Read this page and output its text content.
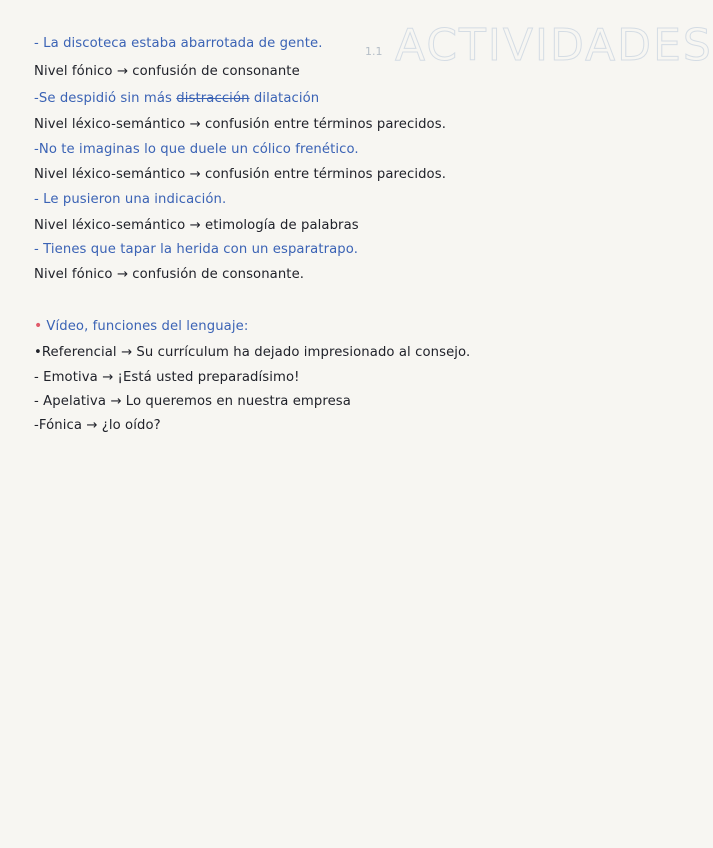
ACTIVIDADES
1.1
- La discoteca estaba abarrotada de gente.
Nivel fónico → confusión de consonante
-Se despidió sin más distracción dilatación
Nivel léxico-semántico → confusión entre términos parecidos.
-No te imaginas lo que duele un cólico frenético.
Nivel léxico-semántico → confusión entre términos parecidos.
- Le pusieron una indicación.
Nivel léxico-semántico → etimología de palabras
- Tienes que tapar la herida con un esparatrapo.
Nivel fónico → confusión de consonante.
• Vídeo, funciones del lenguaje:
•Referencial → Su currículum ha dejado impresionado al consejo.
- Emotiva → ¡Está usted preparadísimo!
- Apelativa → Lo queremos en nuestra empresa
-Fónica → ¿lo oído?
